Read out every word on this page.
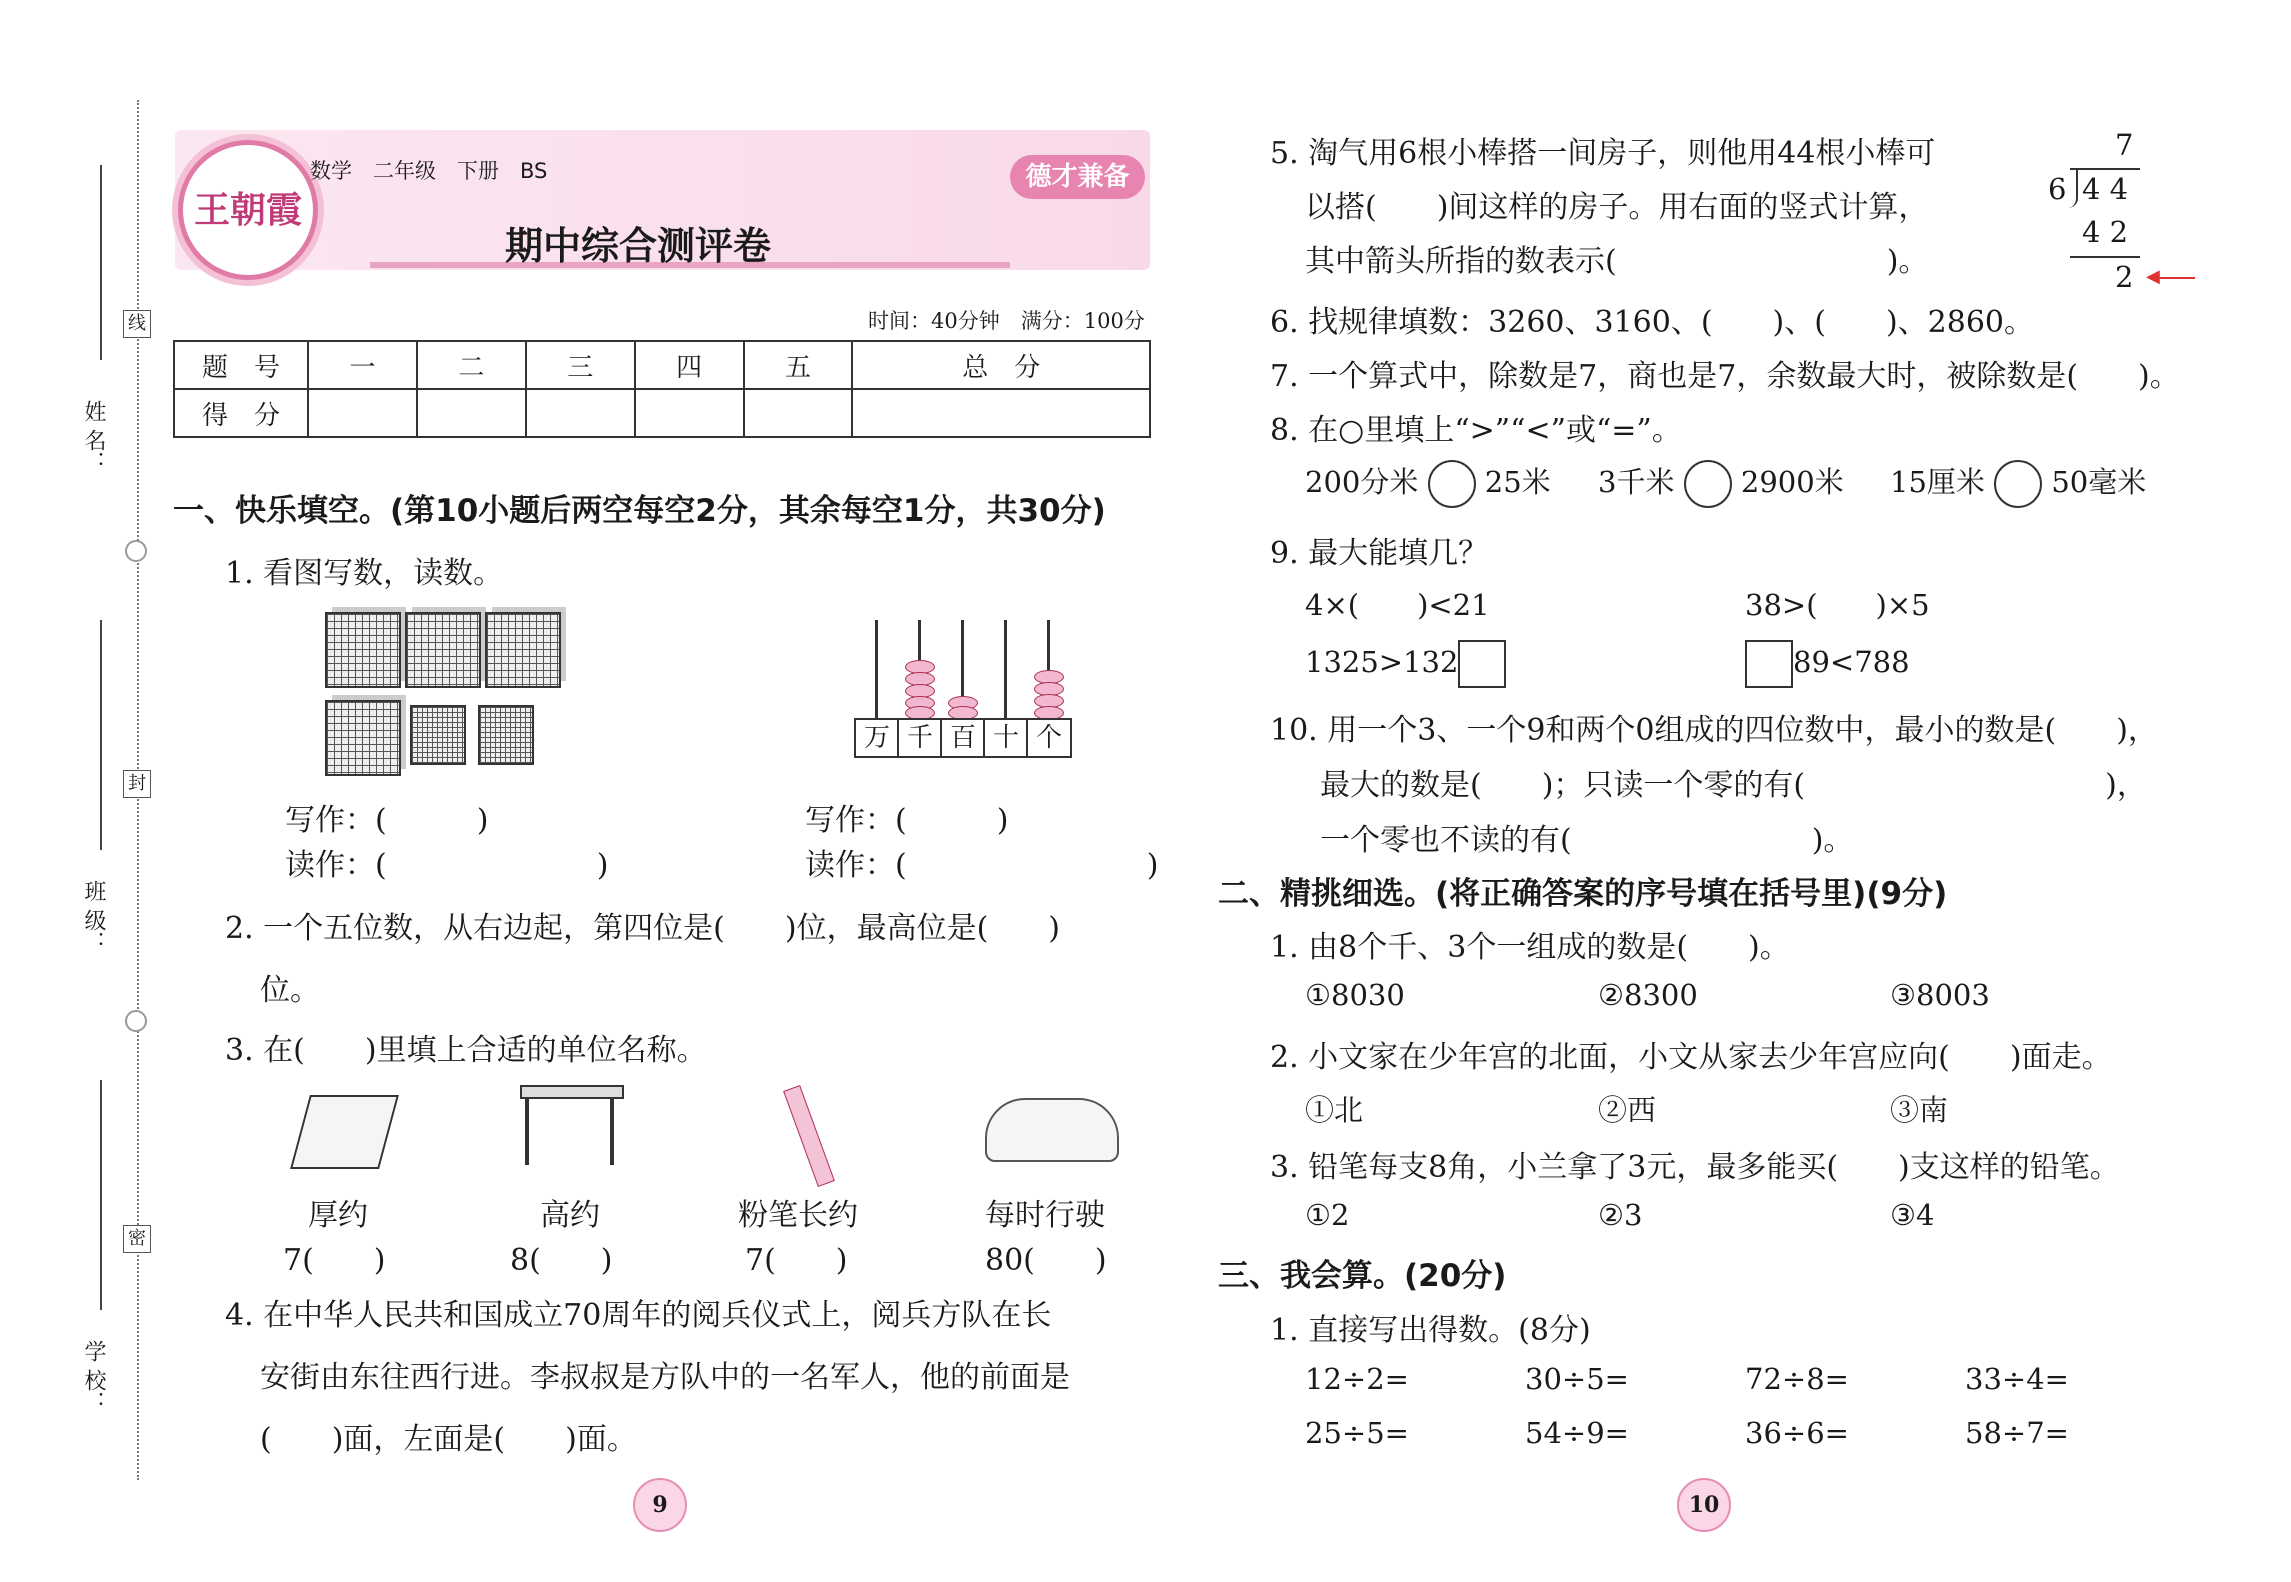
姓 名：
线
班 级：
封
学 校：
密
王朝霞
数学　二年级　下册　BS	德才兼备
期中综合测评卷
时间：40分钟　满分：100分
题　号	一	二	三	四	五	总　分
得　分						
一、快乐填空。(第10小题后两空每空2分，其余每空1分，共30分)
1. 看图写数，读数。
万 千 百 十 个
写作：(　　　)
读作：(　　　　　　　)
写作：(　　　)
读作：(　　　　　　　　)
2. 一个五位数，从右边起，第四位是(　　)位，最高位是(　　)
位。
3. 在(　　)里填上合适的单位名称。
厚约
7(　　)
高约
8(　　)
粉笔长约
7(　　)
每时行驶
80(　　)
4. 在中华人民共和国成立70周年的阅兵仪式上，阅兵方队在长
安街由东往西行进。李叔叔是方队中的一名军人，他的前面是
(　　)面，左面是(　　)面。
9
5. 淘气用6根小棒搭一间房子，则他用44根小棒可
以搭(　　)间这样的房子。用右面的竖式计算，
其中箭头所指的数表示(　　　　　　　　　)。
7
6 4 4
4 2
2 ◀
6. 找规律填数：3260、3160、(　　)、(　　)、2860。
7. 一个算式中，除数是7，商也是7，余数最大时，被除数是(　　)。
8. 在○里填上“>”“<”或“=”。
200分米 25米 3千米 2900米 15厘米 50毫米
9. 最大能填几？
4×(　　)<21	38>(　　)×5
1325>132	89<788
10. 用一个3、一个9和两个0组成的四位数中，最小的数是(　　)，
最大的数是(　　)；只读一个零的有(　　　　　　　　　　)，
一个零也不读的有(　　　　　　　　)。
二、精挑细选。(将正确答案的序号填在括号里)(9分)
1. 由8个千、3个一组成的数是(　　)。
①8030	②8300	③8003
2. 小文家在少年宫的北面，小文从家去少年宫应向(　　)面走。
①北	②西	③南
3. 铅笔每支8角，小兰拿了3元，最多能买(　　)支这样的铅笔。
①2	②3	③4
三、我会算。(20分)
1. 直接写出得数。(8分)
12÷2=	30÷5=	72÷8=	33÷4=
25÷5=	54÷9=	36÷6=	58÷7=
10
